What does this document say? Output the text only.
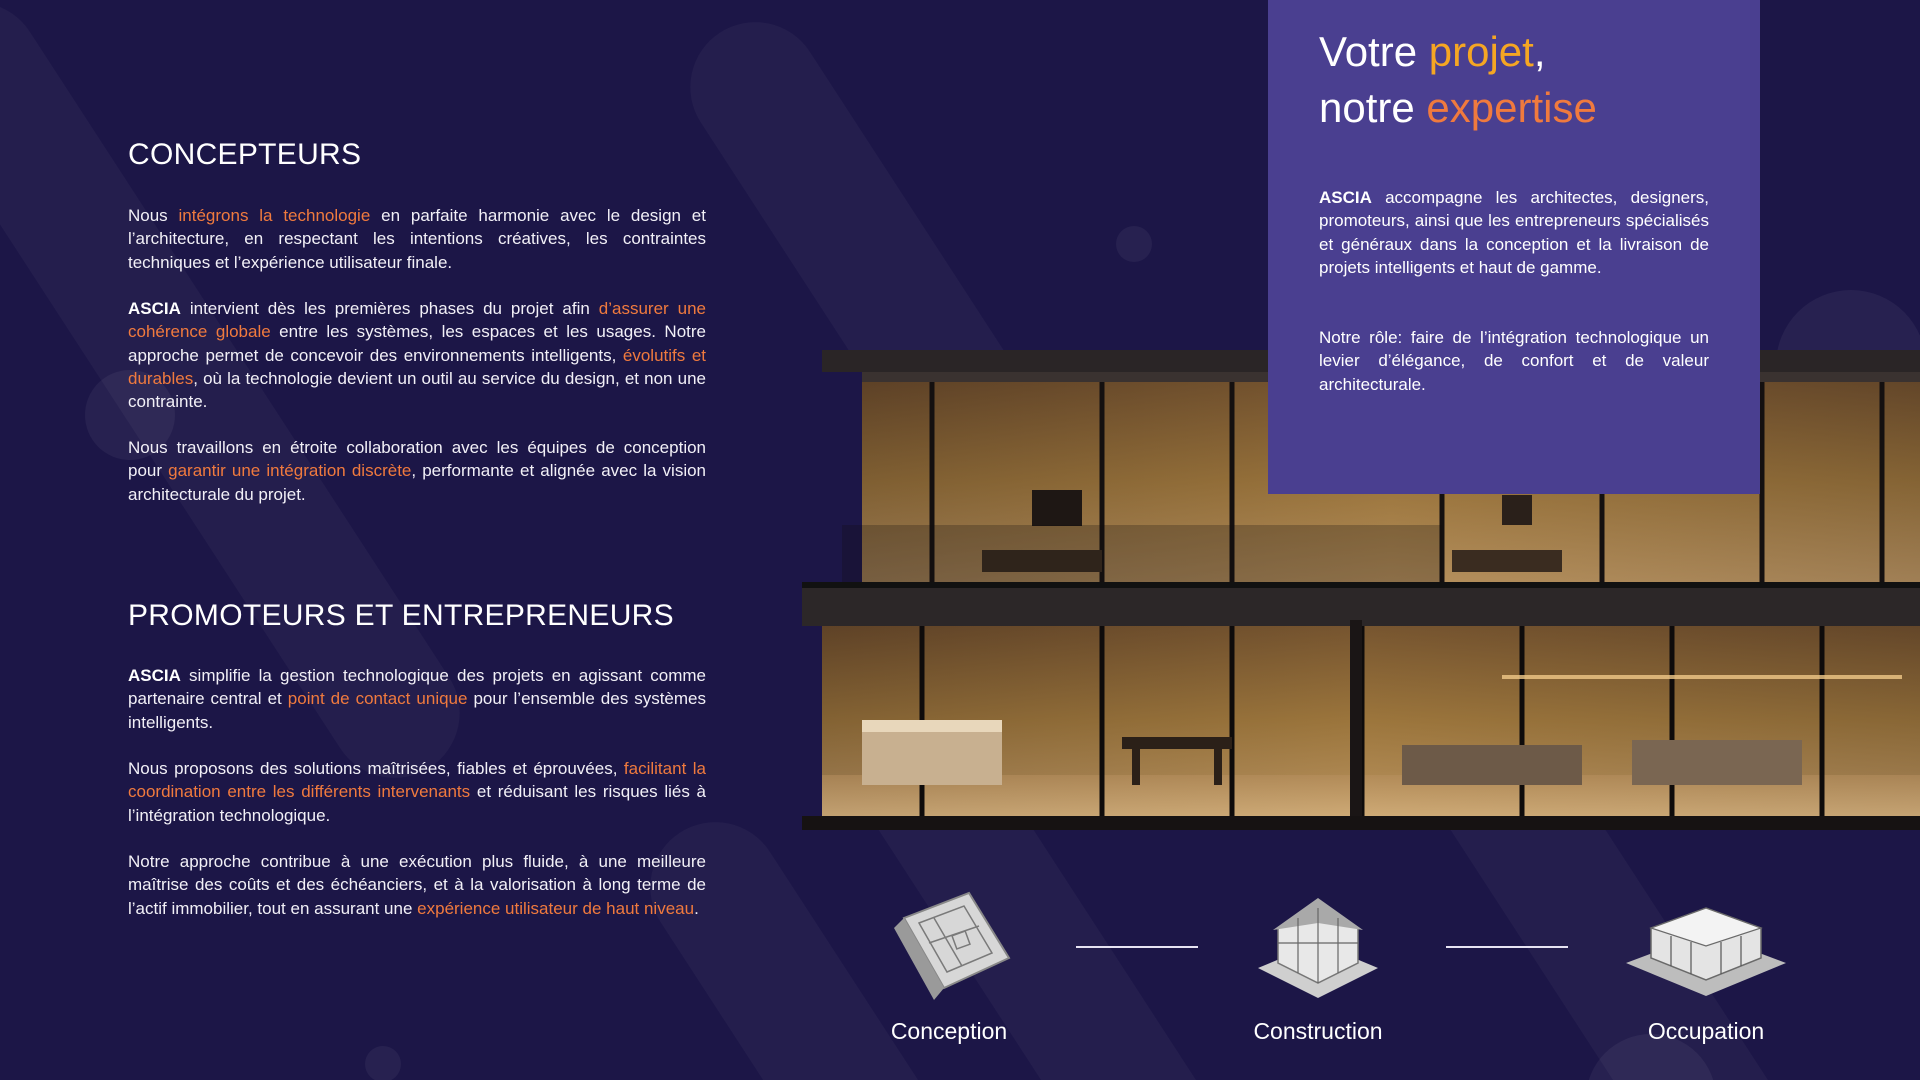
CONCEPTEURS

Nous intégrons la technologie en parfaite harmonie avec le design et l’architecture, en respectant les intentions créatives, les contraintes techniques et l’expérience utilisateur finale.

ASCIA intervient dès les premières phases du projet afin d’assurer une cohérence globale entre les systèmes, les espaces et les usages. Notre approche permet de concevoir des environnements intelligents, évolutifs et durables, où la technologie devient un outil au service du design, et non une contrainte.

Nous travaillons en étroite collaboration avec les équipes de conception pour garantir une intégration discrète, performante et alignée avec la vision architecturale du projet.

PROMOTEURS ET ENTREPRENEURS

ASCIA simplifie la gestion technologique des projets en agissant comme partenaire central et point de contact unique pour l’ensemble des systèmes intelligents.

Nous proposons des solutions maîtrisées, fiables et éprouvées, facilitant la coordination entre les différents intervenants et réduisant les risques liés à l’intégration technologique.

Notre approche contribue à une exécution plus fluide, à une meilleure maîtrise des coûts et des échéanciers, et à la valorisation à long terme de l’actif immobilier, tout en assurant une expérience utilisateur de haut niveau.

Votre projet,
notre expertise

ASCIA accompagne les architectes, designers, promoteurs, ainsi que les entrepreneurs spécialisés et généraux dans la conception et la livraison de projets intelligents et haut de gamme.

Notre rôle: faire de l’intégration technologique un levier d’élégance, de confort et de valeur architecturale.

Conception	Construction	Occupation
